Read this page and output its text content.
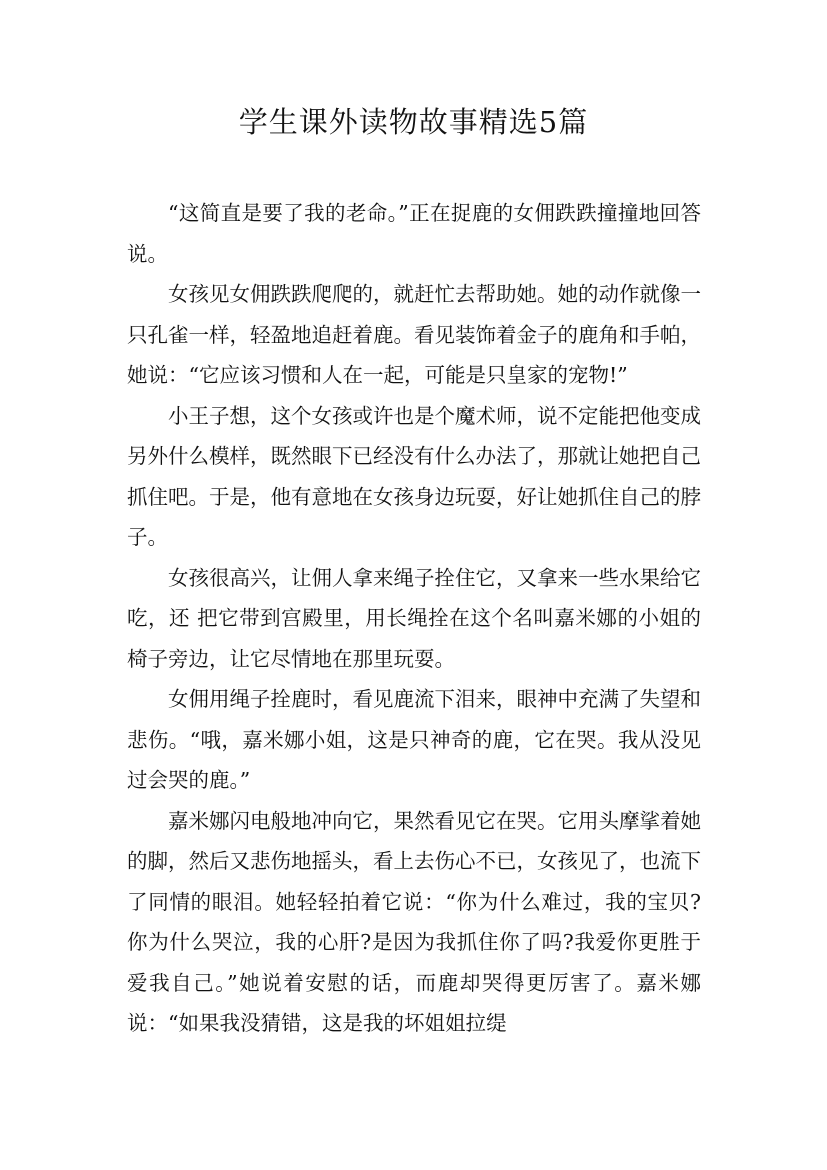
学生课外读物故事精选5篇

“这简直是要了我的老命。”正在捉鹿的女佣跌跌撞撞地回答说。

女孩见女佣跌跌爬爬的，就赶忙去帮助她。她的动作就像一只孔雀一样，轻盈地追赶着鹿。看见装饰着金子的鹿角和手帕，她说：“它应该习惯和人在一起，可能是只皇家的宠物!”

小王子想，这个女孩或许也是个魔术师，说不定能把他变成另外什么模样，既然眼下已经没有什么办法了，那就让她把自己抓住吧。于是，他有意地在女孩身边玩耍，好让她抓住自己的脖子。

女孩很高兴，让佣人拿来绳子拴住它，又拿来一些水果给它吃，还 把它带到宫殿里，用长绳拴在这个名叫嘉米娜的小姐的椅子旁边，让它尽情地在那里玩耍。

女佣用绳子拴鹿时，看见鹿流下泪来，眼神中充满了失望和悲伤。“哦，嘉米娜小姐，这是只神奇的鹿，它在哭。我从没见过会哭的鹿。”

嘉米娜闪电般地冲向它，果然看见它在哭。它用头摩挲着她的脚，然后又悲伤地摇头，看上去伤心不已，女孩见了，也流下了同情的眼泪。她轻轻拍着它说：“你为什么难过，我的宝贝?你为什么哭泣，我的心肝?是因为我抓住你了吗?我爱你更胜于爱我自己。”她说着安慰的话，而鹿却哭得更厉害了。嘉米娜说：“如果我没猜错，这是我的坏姐姐拉缇
